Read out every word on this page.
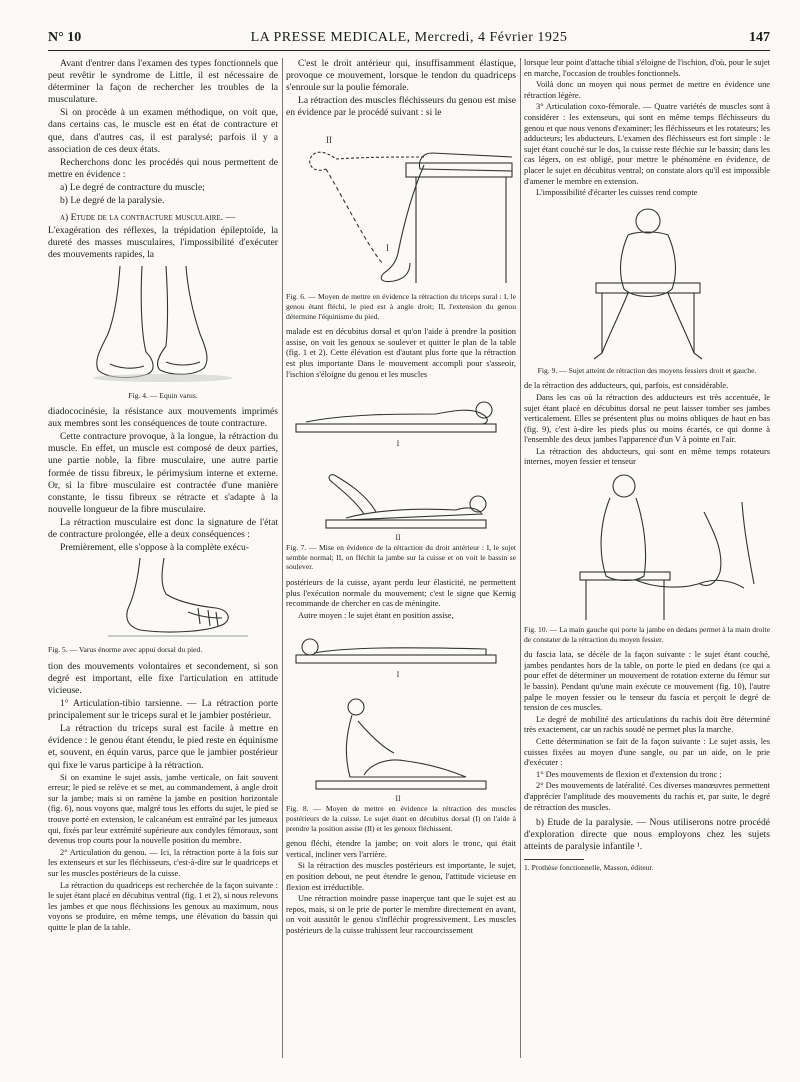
N° 10	LA PRESSE MEDICALE, Mercredi, 4 Février 1925	147

Avant d'entrer dans l'examen des types fonctionnels que peut revêtir le syndrome de Little, il est nécessaire de déterminer la façon de rechercher les troubles de la musculature.

Si on procède à un examen méthodique, on voit que, dans certains cas, le muscle est en état de contracture et que, dans d'autres cas, il est paralysé; parfois il y a association de ces deux états.

Recherchons donc les procédés qui nous permettent de mettre en évidence :

a) Le degré de contracture du muscle;

b) Le degré de la paralysie.

a) Etude de la contracture musculaire. —

L'exagération des réflexes, la trépidation épileptoïde, la dureté des masses musculaires, l'impossibilité d'exécuter des mouvements rapides, la

Fig. 4. — Equin varus.

diadococinésie, la résistance aux mouvements imprimés aux membres sont les conséquences de toute contracture.

Cette contracture provoque, à la longue, la rétraction du muscle. En effet, un muscle est composé de deux parties, une partie noble, la fibre musculaire, une autre partie formée de tissu fibreux, le périmysium interne et externe. Or, si la fibre musculaire est contractée d'une manière constante, le tissu fibreux se rétracte et s'adapte à la nouvelle longueur de la fibre musculaire.

La rétraction musculaire est donc la signature de l'état de contracture prolongée, elle a deux conséquences :

Premièrement, elle s'oppose à la complète exécu-

Fig. 5. — Varus énorme avec appui dorsal du pied.

tion des mouvements volontaires et secondement, si son degré est important, elle fixe l'articulation en attitude vicieuse.

1° Articulation-tibio tarsienne. — La rétraction porte principalement sur le triceps sural et le jambier postérieur.

La rétraction du triceps sural est facile à mettre en évidence : le genou étant étendu, le pied reste en équinisme et, souvent, en équin varus, parce que le jambier postérieur qui fixe le varus participe à la rétraction.

Si on examine le sujet assis, jambe verticale, on fait souvent erreur; le pied se relève et se met, au commandement, à angle droit sur la jambe; mais si on ramène la jambe en position horizontale (fig. 6), nous voyons que, malgré tous les efforts du sujet, le pied se trouve porté en extension, le calcanéum est entraîné par les jumeaux qui, fixés par leur extrémité supérieure aux condyles fémoraux, sont devenus trop courts pour la nouvelle position du membre.

2° Articulation du genou. — Ici, la rétraction porte à la fois sur les extenseurs et sur les fléchisseurs, c'est-à-dire sur le quadriceps et sur les muscles postérieurs de la cuisse.

La rétraction du quadriceps est recherchée de la façon suivante : le sujet étant placé en décubitus ventral (fig. 1 et 2), si nous relevons les jambes et que nous fléchissions les genoux au maximum, nous voyons se produire, en même temps, une élévation du bassin qui quitte le plan de la table.

C'est le droit antérieur qui, insuffisamment élastique, provoque ce mouvement, lorsque le tendon du quadriceps s'enroule sur la poulie fémorale.

La rétraction des muscles fléchisseurs du genou est mise en évidence par le procédé suivant : si le

II
I

Fig. 6. — Moyen de mettre en évidence la rétraction du triceps sural : I, le genou étant fléchi, le pied est à angle droit; II, l'extension du genou détermine l'équinisme du pied.

malade est en décubitus dorsal et qu'on l'aide à prendre la position assise, on voit les genoux se soulever et quitter le plan de la table (fig. 1 et 2). Cette élévation est d'autant plus forte que la rétraction est plus importante Dans le mouvement accompli pour s'asseoir, l'ischion s'éloigne du genou et les muscles

I
II

Fig. 7. — Mise en évidence de la rétraction du droit antérieur : I, le sujet semble normal; II, on fléchit la jambe sur la cuisse et on voit le bassin se soulever.

postérieurs de la cuisse, ayant perdu leur élasticité, ne permettent plus l'exécution normale du mouvement; c'est le signe que Kernig recommande de chercher en cas de méningite.

Autre moyen : le sujet étant en position assise,

I
II

Fig. 8. — Moyen de mettre en évidence la rétraction des muscles postérieurs de la cuisse. Le sujet étant en décubitus dorsal (I) on l'aide à prendre la position assise (II) et les genoux fléchissent.

genou fléchi, étendre la jambe; on voit alors le tronc, qui était vertical, incliner vers l'arrière.

Si la rétraction des muscles postérieurs est importante, le sujet, en position debout, ne peut étendre le genou, l'attitude vicieuse en flexion est irréductible.

Une rétraction moindre passe inaperçue tant que le sujet est au repos, mais, si on le prie de porter le membre directement en avant, on voit aussitôt le genou s'infléchir progressivement. Les muscles postérieurs de la cuisse trahissent leur raccourcissement

lorsque leur point d'attache tibial s'éloigne de l'ischion, d'où, pour le sujet en marche, l'occasion de troubles fonctionnels.

Voilà donc un moyen qui nous permet de mettre en évidence une rétraction légère.

3° Articulation coxo-fémorale. — Quatre variétés de muscles sont à considérer : les extenseurs, qui sont en même temps fléchisseurs du genou et que nous venons d'examiner; les fléchisseurs et les rotateurs; les adducteurs; les abducteurs. L'examen des fléchisseurs est fort simple : le sujet étant couché sur le dos, la cuisse reste fléchie sur le bassin; dans les cas légers, on est obligé, pour mettre le phénomène en évidence, de placer le sujet en décubitus ventral; on constate alors qu'il est impossible d'amener le membre en extension.

L'impossibilité d'écarter les cuisses rend compte

Fig. 9. — Sujet atteint de rétraction des moyens fessiers droit et gauche.

de la rétraction des adducteurs, qui, parfois, est considérable.

Dans les cas où la rétraction des adducteurs est très accentuée, le sujet étant placé en décubitus dorsal ne peut laisser tomber ses jambes verticalement. Elles se présentent plus ou moins obliques de haut en bas (fig. 9), c'est à-dire les pieds plus ou moins écartés, ce qui donne à l'ensemble des deux jambes l'apparence d'un V à pointe en l'air.

La rétraction des abducteurs, qui sont en même temps rotateurs internes, moyen fessier et tenseur

Fig. 10. — La main gauche qui porte la jambe en dedans permet à la main droite de constater de la rétraction du moyen fessier.

du fascia lata, se décèle de la façon suivante : le sujet étant couché, jambes pendantes hors de la table, on porte le pied en dedans (ce qui a pour effet de déterminer un mouvement de rotation externe du fémur sur le bassin). Pendant qu'une main exécute ce mouvement (fig. 10), l'autre palpe le moyen fessier ou le tenseur du fascia et perçoit le degré de tension de ces muscles.

Le degré de mobilité des articulations du rachis doit être déterminé très exactement, car un rachis soudé ne permet plus la marche.

Cette détermination se fait de la façon suivante : Le sujet assis, les cuisses fixées au moyen d'une sangle, ou par un aide, on le prie d'exécuter :

1° Des mouvements de flexion et d'extension du tronc ;

2° Des mouvements de latéralité. Ces diverses manœuvres permettent d'apprécier l'amplitude des mouvements du rachis et, par suite, le degré de rétraction des muscles.

b) Etude de la paralysie. — Nous utiliserons notre procédé d'exploration directe que nous employons chez les sujets atteints de paralysie infantile ¹.

1. Prothèse fonctionnelle, Masson, éditeur.
